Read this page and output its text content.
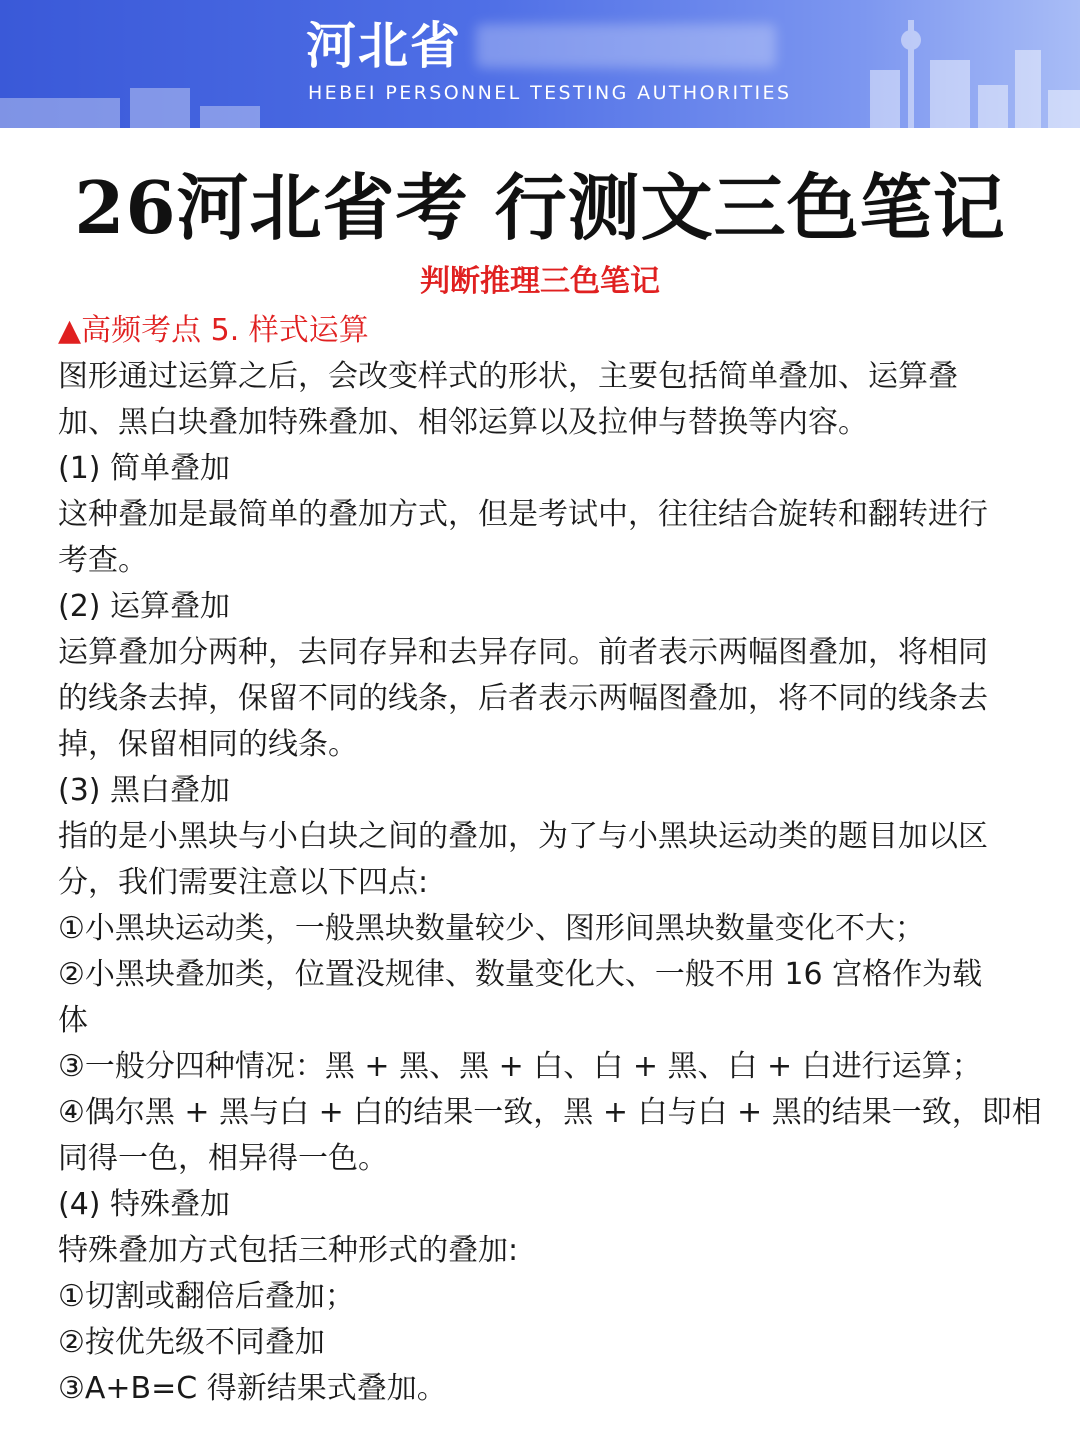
河北省
HEBEI PERSONNEL TESTING AUTHORITIES
26河北省考 行测文三色笔记
判断推理三色笔记

▲高频考点 5. 样式运算

图形通过运算之后，会改变样式的形状，主要包括简单叠加、运算叠

加、黑白块叠加特殊叠加、相邻运算以及拉伸与替换等内容。

(1) 简单叠加

这种叠加是最简单的叠加方式，但是考试中，往往结合旋转和翻转进行

考查。

(2) 运算叠加

运算叠加分两种，去同存异和去异存同。前者表示两幅图叠加，将相同

的线条去掉，保留不同的线条，后者表示两幅图叠加，将不同的线条去

掉，保留相同的线条。

(3) 黑白叠加

指的是小黑块与小白块之间的叠加，为了与小黑块运动类的题目加以区

分，我们需要注意以下四点:

①小黑块运动类，一般黑块数量较少、图形间黑块数量变化不大；

②小黑块叠加类，位置没规律、数量变化大、一般不用 16 宫格作为载

体

③一般分四种情况：黑 + 黑、黑 + 白、白 + 黑、白 + 白进行运算；

④偶尔黑 + 黑与白 + 白的结果一致，黑 + 白与白 + 黑的结果一致，即相

同得一色，相异得一色。

(4) 特殊叠加

特殊叠加方式包括三种形式的叠加:

①切割或翻倍后叠加；

②按优先级不同叠加

③A+B=C 得新结果式叠加。
